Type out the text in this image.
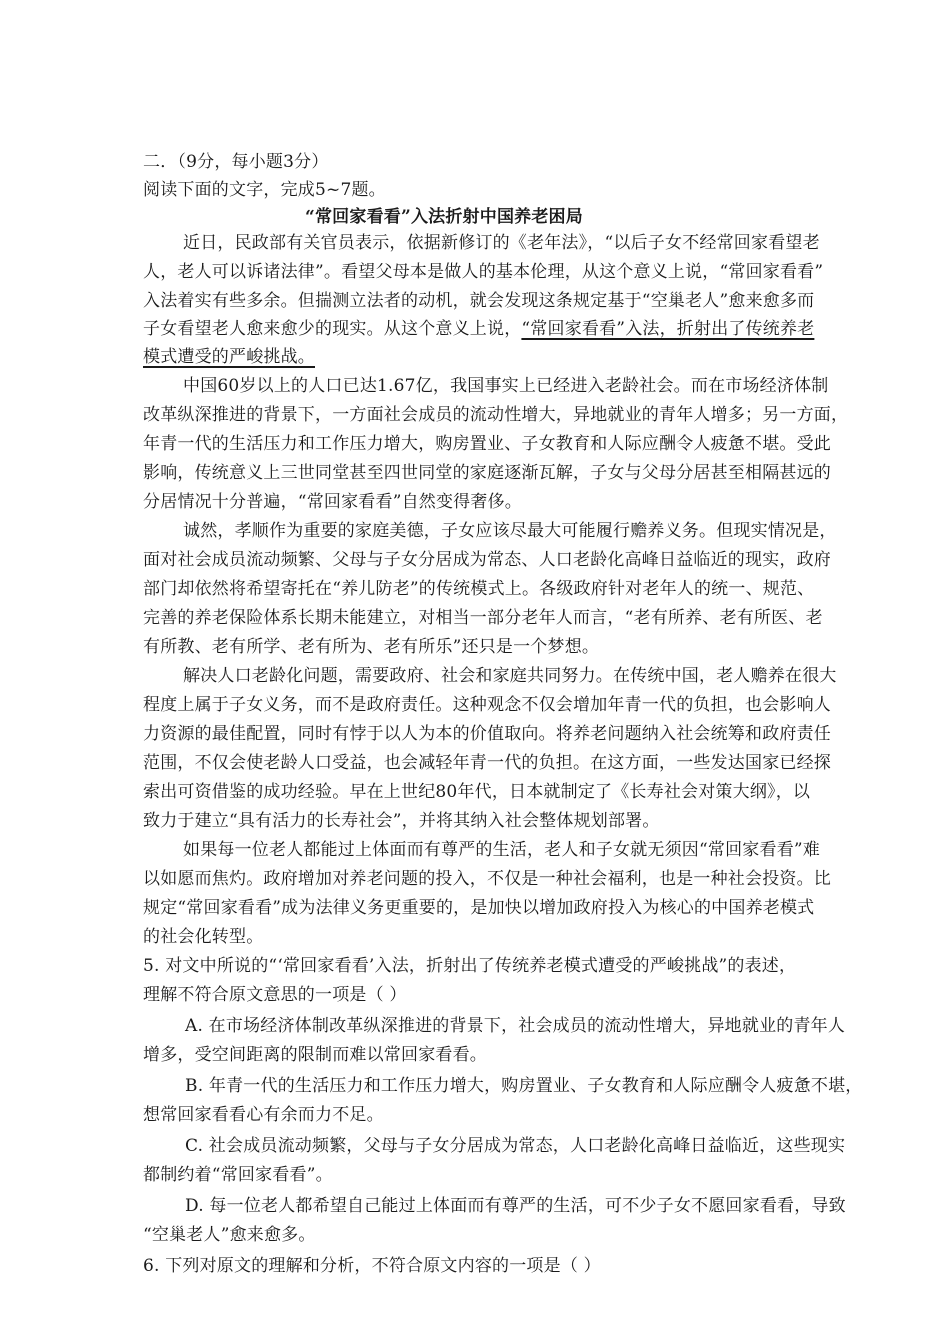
二．（9分，每小题3分）
阅读下面的文字，完成5~7题。
“常回家看看”入法折射中国养老困局
近日，民政部有关官员表示，依据新修订的《老年法》，“以后子女不经常回家看望老
人，老人可以诉诸法律”。看望父母本是做人的基本伦理，从这个意义上说，“常回家看看”
入法着实有些多余。但揣测立法者的动机，就会发现这条规定基于“空巢老人”愈来愈多而
子女看望老人愈来愈少的现实。从这个意义上说，“常回家看看”入法，折射出了传统养老
模式遭受的严峻挑战。
中国60岁以上的人口已达1.67亿，我国事实上已经进入老龄社会。而在市场经济体制
改革纵深推进的背景下，一方面社会成员的流动性增大，异地就业的青年人增多；另一方面，
年青一代的生活压力和工作压力增大，购房置业、子女教育和人际应酬令人疲惫不堪。受此
影响，传统意义上三世同堂甚至四世同堂的家庭逐渐瓦解，子女与父母分居甚至相隔甚远的
分居情况十分普遍，“常回家看看”自然变得奢侈。
诚然，孝顺作为重要的家庭美德，子女应该尽最大可能履行赡养义务。但现实情况是，
面对社会成员流动频繁、父母与子女分居成为常态、人口老龄化高峰日益临近的现实，政府
部门却依然将希望寄托在“养儿防老”的传统模式上。各级政府针对老年人的统一、规范、
完善的养老保险体系长期未能建立，对相当一部分老年人而言，“老有所养、老有所医、老
有所教、老有所学、老有所为、老有所乐”还只是一个梦想。
解决人口老龄化问题，需要政府、社会和家庭共同努力。在传统中国，老人赡养在很大
程度上属于子女义务，而不是政府责任。这种观念不仅会增加年青一代的负担，也会影响人
力资源的最佳配置，同时有悖于以人为本的价值取向。将养老问题纳入社会统筹和政府责任
范围，不仅会使老龄人口受益，也会减轻年青一代的负担。在这方面，一些发达国家已经探
索出可资借鉴的成功经验。早在上世纪80年代，日本就制定了《长寿社会对策大纲》，以
致力于建立“具有活力的长寿社会”，并将其纳入社会整体规划部署。
如果每一位老人都能过上体面而有尊严的生活，老人和子女就无须因“常回家看看”难
以如愿而焦灼。政府增加对养老问题的投入，不仅是一种社会福利，也是一种社会投资。比
规定“常回家看看”成为法律义务更重要的，是加快以增加政府投入为核心的中国养老模式
的社会化转型。
5. 对文中所说的“‘常回家看看’入法，折射出了传统养老模式遭受的严峻挑战”的表述，
理解不符合原文意思的一项是（ ）
A. 在市场经济体制改革纵深推进的背景下，社会成员的流动性增大，异地就业的青年人
增多，受空间距离的限制而难以常回家看看。
B. 年青一代的生活压力和工作压力增大，购房置业、子女教育和人际应酬令人疲惫不堪，
想常回家看看心有余而力不足。
C. 社会成员流动频繁，父母与子女分居成为常态，人口老龄化高峰日益临近，这些现实
都制约着“常回家看看”。
D. 每一位老人都希望自己能过上体面而有尊严的生活，可不少子女不愿回家看看，导致
“空巢老人”愈来愈多。
6. 下列对原文的理解和分析，不符合原文内容的一项是（ ）
